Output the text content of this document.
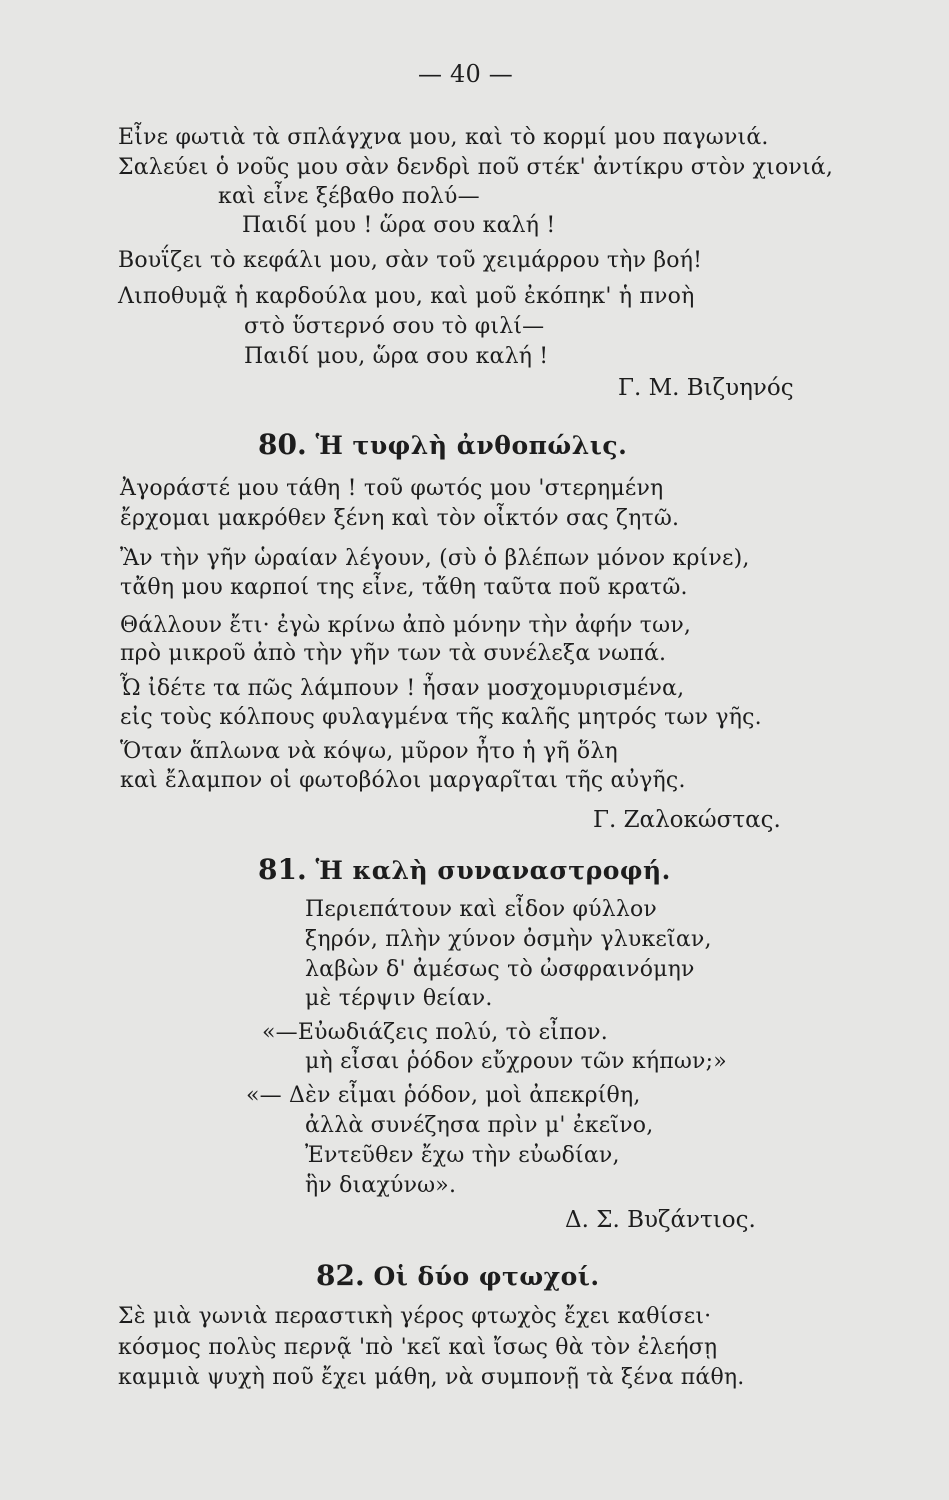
— 40 —
Εἶνε φωτιὰ τὰ σπλάγχνα μου, καὶ τὸ κορμί μου παγωνιά.
Σαλεύει ὁ νοῦς μου σὰν δενδρὶ ποῦ στέκ' ἀντίκρυ στὸν χιονιά,
καὶ εἶνε ξέβαθο πολύ—
Παιδί μου ! ὥρα σου καλή !
Βουΐζει τὸ κεφάλι μου, σὰν τοῦ χειμάρρου τὴν βοή!
Λιποθυμᾷ ἡ καρδούλα μου, καὶ μοῦ ἐκόπηκ' ἡ πνοὴ
στὸ ὕστερνό σου τὸ φιλί—
Παιδί μου, ὥρα σου καλή !
Γ. Μ. Βιζυηνός
80. Ἡ τυφλὴ ἀνθοπώλις.
Ἀγοράστέ μου τάθη ! τοῦ φωτός μου 'στερημένη
ἔρχομαι μακρόθεν ξένη καὶ τὸν οἶκτόν σας ζητῶ.
Ἂν τὴν γῆν ὡραίαν λέγουν, (σὺ ὁ βλέπων μόνον κρίνε),
τἄθη μου καρποί της εἶνε, τἄθη ταῦτα ποῦ κρατῶ.
Θάλλουν ἔτι· ἐγὼ κρίνω ἀπὸ μόνην τὴν ἀφήν των,
πρὸ μικροῦ ἀπὸ τὴν γῆν των τὰ συνέλεξα νωπά.
Ὦ ἰδέτε τα πῶς λάμπουν ! ἦσαν μοσχομυρισμένα,
εἰς τοὺς κόλπους φυλαγμένα τῆς καλῆς μητρός των γῆς.
Ὅταν ἅπλωνα νὰ κόψω, μῦρον ἦτο ἡ γῆ ὅλη
καὶ ἔλαμπον οἱ φωτοβόλοι μαργαρῖται τῆς αὐγῆς.
Γ. Ζαλοκώστας.
81. Ἡ καλὴ συναναστροφή.
Περιεπάτουν καὶ εἶδον φύλλον
ξηρόν, πλὴν χύνον ὀσμὴν γλυκεῖαν,
λαβὼν δ' ἀμέσως τὸ ὠσφραινόμην
μὲ τέρψιν θείαν.
«—Εὐωδιάζεις πολύ, τὸ εἶπον.
μὴ εἶσαι ῥόδον εὔχρουν τῶν κήπων;»
«— Δὲν εἶμαι ῥόδον, μοὶ ἀπεκρίθη,
ἀλλὰ συνέζησα πρὶν μ' ἐκεῖνο,
Ἐντεῦθεν ἔχω τὴν εὐωδίαν,
ἣν διαχύνω».
Δ. Σ. Βυζάντιος.
82. Οἱ δύο φτωχοί.
Σὲ μιὰ γωνιὰ περαστικὴ γέρος φτωχὸς ἔχει καθίσει·
κόσμος πολὺς περνᾷ 'πὸ 'κεῖ καὶ ἴσως θὰ τὸν ἐλεήσῃ
καμμιὰ ψυχὴ ποῦ ἔχει μάθη, νὰ συμπονῇ τὰ ξένα πάθη.
